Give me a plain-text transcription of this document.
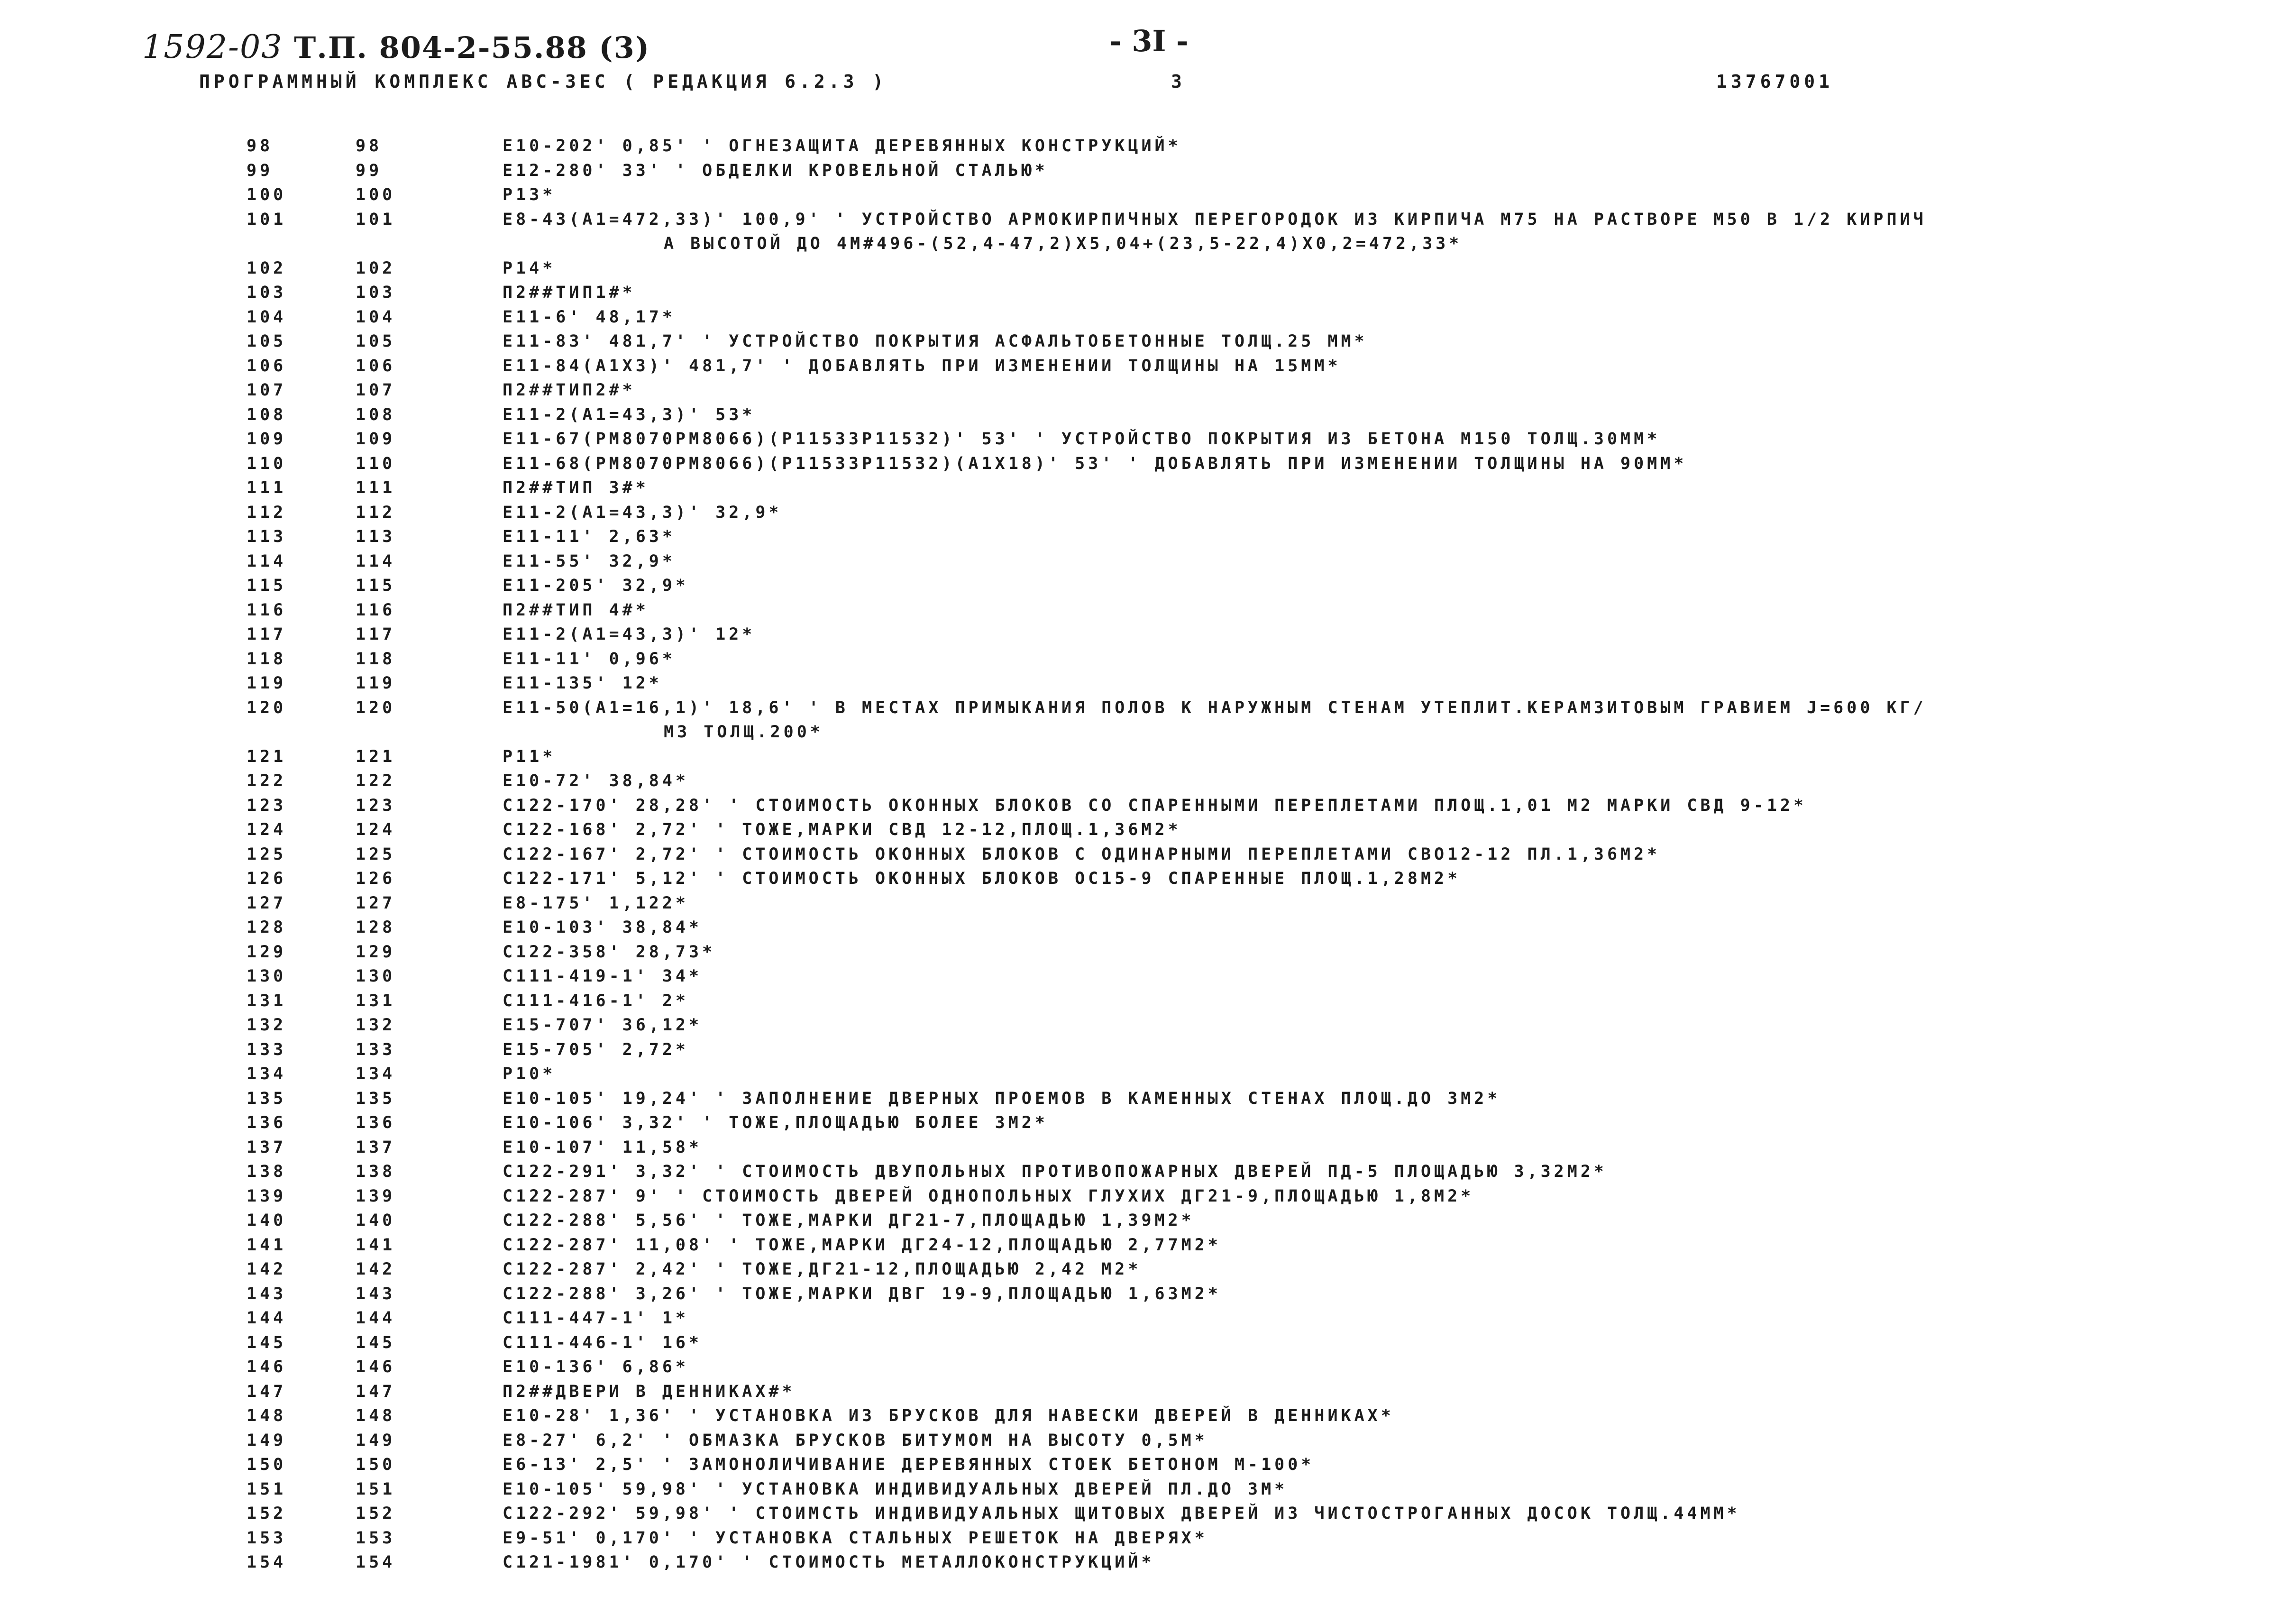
1592-03 Т.П. 804-2-55.88 (3)	- 3I -
ПРОГРАММНЫЙ КОМПЛЕКС АВС-ЗЕС ( РЕДАКЦИЯ 6.2.3 )	3	13767001
98	98	Е10-202' 0,85' ' ОГНЕЗАЩИТА ДЕРЕВЯННЫХ КОНСТРУКЦИЙ*
99	99	Е12-280' 33' ' ОБДЕЛКИ КРОВЕЛЬНОЙ СТАЛЬЮ*
100	100	Р13*
101	101	Е8-43(А1=472,33)' 100,9' ' УСТРОЙСТВО АРМОКИРПИЧНЫХ ПЕРЕГОРОДОК ИЗ КИРПИЧА М75 НА РАСТВОРЕ М50 В 1/2 КИРПИЧ
А ВЫСОТОЙ ДО 4М#496-(52,4-47,2)Х5,04+(23,5-22,4)Х0,2=472,33*
102	102	Р14*
103	103	П2##ТИП1#*
104	104	Е11-6' 48,17*
105	105	Е11-83' 481,7' ' УСТРОЙСТВО ПОКРЫТИЯ АСФАЛЬТОБЕТОННЫЕ ТОЛЩ.25 ММ*
106	106	Е11-84(А1Х3)' 481,7' ' ДОБАВЛЯТЬ ПРИ ИЗМЕНЕНИИ ТОЛЩИНЫ НА 15ММ*
107	107	П2##ТИП2#*
108	108	Е11-2(А1=43,3)' 53*
109	109	Е11-67(РМ8070РМ8066)(Р11533Р11532)' 53' ' УСТРОЙСТВО ПОКРЫТИЯ ИЗ БЕТОНА М150 ТОЛЩ.30ММ*
110	110	Е11-68(РМ8070РМ8066)(Р11533Р11532)(А1Х18)' 53' ' ДОБАВЛЯТЬ ПРИ ИЗМЕНЕНИИ ТОЛЩИНЫ НА 90ММ*
111	111	П2##ТИП 3#*
112	112	Е11-2(А1=43,3)' 32,9*
113	113	Е11-11' 2,63*
114	114	Е11-55' 32,9*
115	115	Е11-205' 32,9*
116	116	П2##ТИП 4#*
117	117	Е11-2(А1=43,3)' 12*
118	118	Е11-11' 0,96*
119	119	Е11-135' 12*
120	120	Е11-50(А1=16,1)' 18,6' ' В МЕСТАХ ПРИМЫКАНИЯ ПОЛОВ К НАРУЖНЫМ СТЕНАМ УТЕПЛИТ.КЕРАМЗИТОВЫМ ГРАВИЕМ J=600 КГ/
М3 ТОЛЩ.200*
121	121	Р11*
122	122	Е10-72' 38,84*
123	123	С122-170' 28,28' ' СТОИМОСТЬ ОКОННЫХ БЛОКОВ СО СПАРЕННЫМИ ПЕРЕПЛЕТАМИ ПЛОЩ.1,01 М2 МАРКИ СВД 9-12*
124	124	С122-168' 2,72' ' ТОЖЕ,МАРКИ СВД 12-12,ПЛОЩ.1,36М2*
125	125	С122-167' 2,72' ' СТОИМОСТЬ ОКОННЫХ БЛОКОВ С ОДИНАРНЫМИ ПЕРЕПЛЕТАМИ СВО12-12 ПЛ.1,36М2*
126	126	С122-171' 5,12' ' СТОИМОСТЬ ОКОННЫХ БЛОКОВ ОС15-9 СПАРЕННЫЕ ПЛОЩ.1,28М2*
127	127	Е8-175' 1,122*
128	128	Е10-103' 38,84*
129	129	С122-358' 28,73*
130	130	С111-419-1' 34*
131	131	С111-416-1' 2*
132	132	Е15-707' 36,12*
133	133	Е15-705' 2,72*
134	134	Р10*
135	135	Е10-105' 19,24' ' ЗАПОЛНЕНИЕ ДВЕРНЫХ ПРОЕМОВ В КАМЕННЫХ СТЕНАХ ПЛОЩ.ДО 3М2*
136	136	Е10-106' 3,32' ' ТОЖЕ,ПЛОЩАДЬЮ БОЛЕЕ 3М2*
137	137	Е10-107' 11,58*
138	138	С122-291' 3,32' ' СТОИМОСТЬ ДВУПОЛЬНЫХ ПРОТИВОПОЖАРНЫХ ДВЕРЕЙ ПД-5 ПЛОЩАДЬЮ 3,32М2*
139	139	С122-287' 9' ' СТОИМОСТЬ ДВЕРЕЙ ОДНОПОЛЬНЫХ ГЛУХИХ ДГ21-9,ПЛОЩАДЬЮ 1,8М2*
140	140	С122-288' 5,56' ' ТОЖЕ,МАРКИ ДГ21-7,ПЛОЩАДЬЮ 1,39М2*
141	141	С122-287' 11,08' ' ТОЖЕ,МАРКИ ДГ24-12,ПЛОЩАДЬЮ 2,77М2*
142	142	С122-287' 2,42' ' ТОЖЕ,ДГ21-12,ПЛОЩАДЬЮ 2,42 М2*
143	143	С122-288' 3,26' ' ТОЖЕ,МАРКИ ДВГ 19-9,ПЛОЩАДЬЮ 1,63М2*
144	144	С111-447-1' 1*
145	145	С111-446-1' 16*
146	146	Е10-136' 6,86*
147	147	П2##ДВЕРИ В ДЕННИКАХ#*
148	148	Е10-28' 1,36' ' УСТАНОВКА ИЗ БРУСКОВ ДЛЯ НАВЕСКИ ДВЕРЕЙ В ДЕННИКАХ*
149	149	Е8-27' 6,2' ' ОБМАЗКА БРУСКОВ БИТУМОМ НА ВЫСОТУ 0,5М*
150	150	Е6-13' 2,5' ' ЗАМОНОЛИЧИВАНИЕ ДЕРЕВЯННЫХ СТОЕК БЕТОНОМ М-100*
151	151	Е10-105' 59,98' ' УСТАНОВКА ИНДИВИДУАЛЬНЫХ ДВЕРЕЙ ПЛ.ДО 3М*
152	152	С122-292' 59,98' ' СТОИМСТЬ ИНДИВИДУАЛЬНЫХ ЩИТОВЫХ ДВЕРЕЙ ИЗ ЧИСТОСТРОГАННЫХ ДОСОК ТОЛЩ.44ММ*
153	153	Е9-51' 0,170' ' УСТАНОВКА СТАЛЬНЫХ РЕШЕТОК НА ДВЕРЯХ*
154	154	С121-1981' 0,170' ' СТОИМОСТЬ МЕТАЛЛОКОНСТРУКЦИЙ*
